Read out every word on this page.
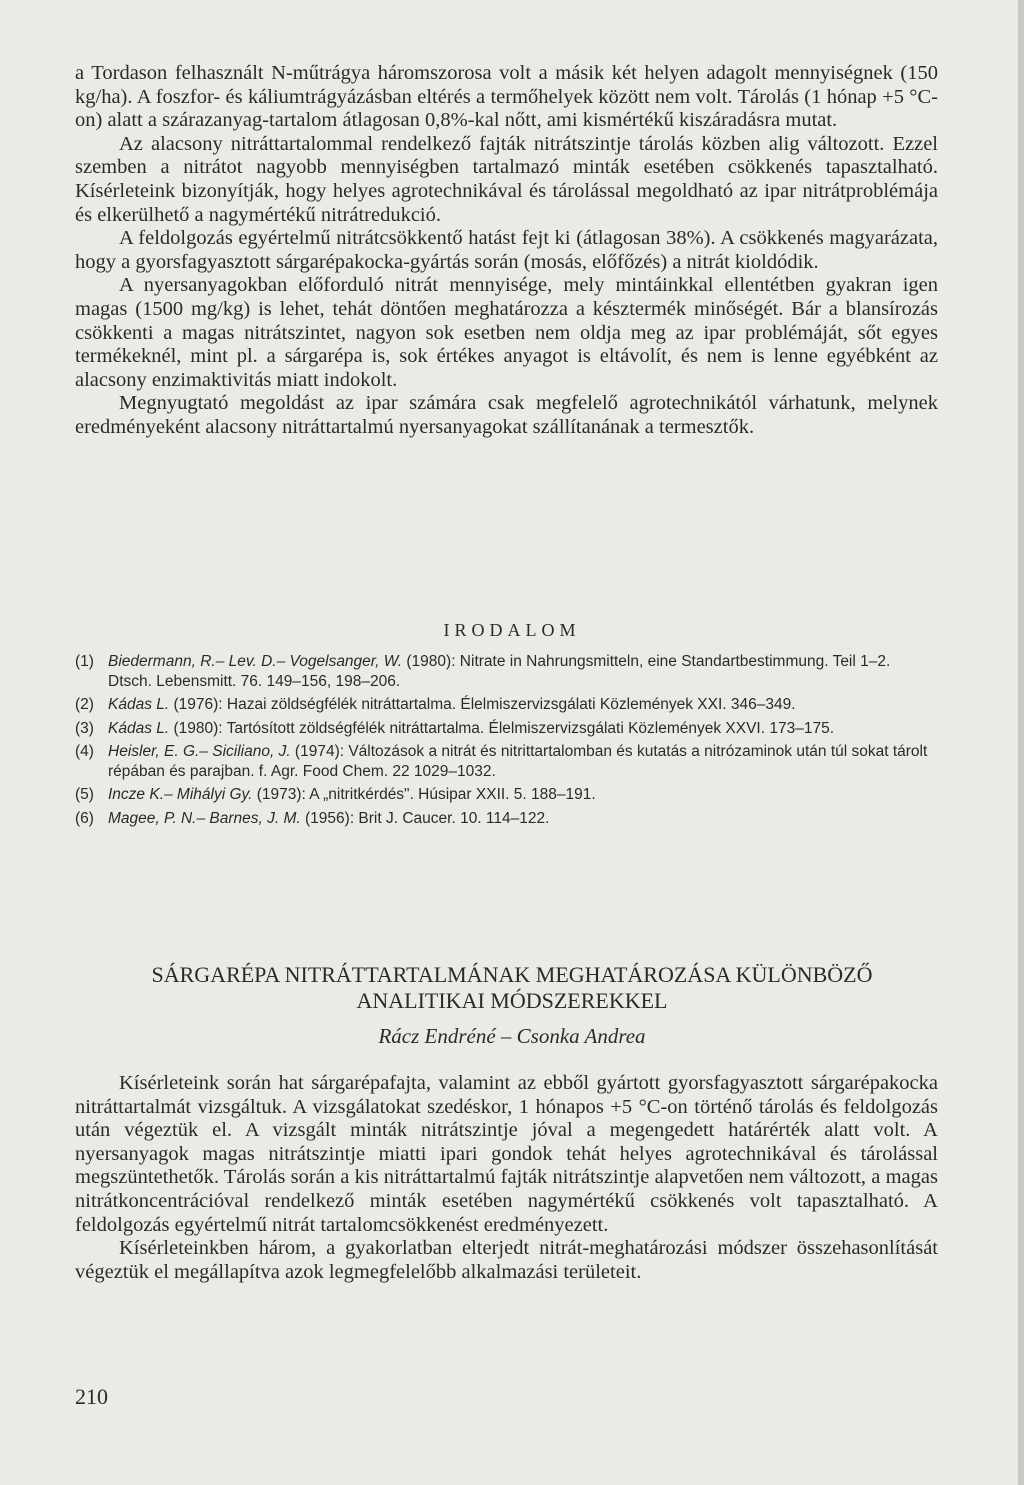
a Tordason felhasznált N-műtrágya háromszorosa volt a másik két helyen adagolt mennyiségnek (150 kg/ha). A foszfor- és káliumtrágyázásban eltérés a termőhelyek között nem volt. Tárolás (1 hónap +5 °C-on) alatt a szárazanyag-tartalom átlagosan 0,8%-kal nőtt, ami kismértékű kiszáradásra mutat.

Az alacsony nitráttartalommal rendelkező fajták nitrátszintje tárolás közben alig változott. Ezzel szemben a nitrátot nagyobb mennyiségben tartalmazó minták esetében csökkenés tapasztalható. Kísérleteink bizonyítják, hogy helyes agrotechnikával és tárolással megoldható az ipar nitrátproblémája és elkerülhető a nagymértékű nitrátredukció.

A feldolgozás egyértelmű nitrátcsökkentő hatást fejt ki (átlagosan 38%). A csökkenés magyarázata, hogy a gyorsfagyasztott sárgarépakocka-gyártás során (mosás, előfőzés) a nitrát kioldódik.

A nyersanyagokban előforduló nitrát mennyisége, mely mintáinkkal ellentétben gyakran igen magas (1500 mg/kg) is lehet, tehát döntően meghatározza a késztermék minőségét. Bár a blansírozás csökkenti a magas nitrátszintet, nagyon sok esetben nem oldja meg az ipar problémáját, sőt egyes termékeknél, mint pl. a sárgarépa is, sok értékes anyagot is eltávolít, és nem is lenne egyébként az alacsony enzimaktivitás miatt indokolt.

Megnyugtató megoldást az ipar számára csak megfelelő agrotechnikától várhatunk, melynek eredményeként alacsony nitráttartalmú nyersanyagokat szállítanának a termesztők.

IRODALOM
(1) Biedermann, R.– Lev. D.– Vogelsanger, W. (1980): Nitrate in Nahrungsmitteln, eine Standartbestimmung. Teil 1–2. Dtsch. Lebensmitt. 76. 149–156, 198–206.
(2) Kádas L. (1976): Hazai zöldségfélék nitráttartalma. Élelmiszervizsgálati Közlemények XXI. 346–349.
(3) Kádas L. (1980): Tartósított zöldségfélék nitráttartalma. Élelmiszervizsgálati Közlemények XXVI. 173–175.
(4) Heisler, E. G.– Siciliano, J. (1974): Változások a nitrát és nitrittartalomban és kutatás a nitrózaminok után túl sokat tárolt répában és parajban. f. Agr. Food Chem. 22 1029–1032.
(5) Incze K.– Mihályi Gy. (1973): A „nitritkérdés". Húsipar XXII. 5. 188–191.
(6) Magee, P. N.– Barnes, J. M. (1956): Brit J. Caucer. 10. 114–122.
SÁRGARÉPA NITRÁTTARTALMÁNAK MEGHATÁROZÁSA KÜLÖNBÖZŐ
ANALITIKAI MÓDSZEREKKEL
Rácz Endréné – Csonka Andrea

Kísérleteink során hat sárgarépafajta, valamint az ebből gyártott gyorsfagyasztott sárgarépakocka nitráttartalmát vizsgáltuk. A vizsgálatokat szedéskor, 1 hónapos +5 °C-on történő tárolás és feldolgozás után végeztük el. A vizsgált minták nitrátszintje jóval a megengedett határérték alatt volt. A nyersanyagok magas nitrátszintje miatti ipari gondok tehát helyes agrotechnikával és tárolással megszüntethetők. Tárolás során a kis nitráttartalmú fajták nitrátszintje alapvetően nem változott, a magas nitrátkoncentrációval rendelkező minták esetében nagymértékű csökkenés volt tapasztalható. A feldolgozás egyértelmű nitrát tartalomcsökkenést eredményezett.

Kísérleteinkben három, a gyakorlatban elterjedt nitrát-meghatározási módszer összehasonlítását végeztük el megállapítva azok legmegfelelőbb alkalmazási területeit.

210
